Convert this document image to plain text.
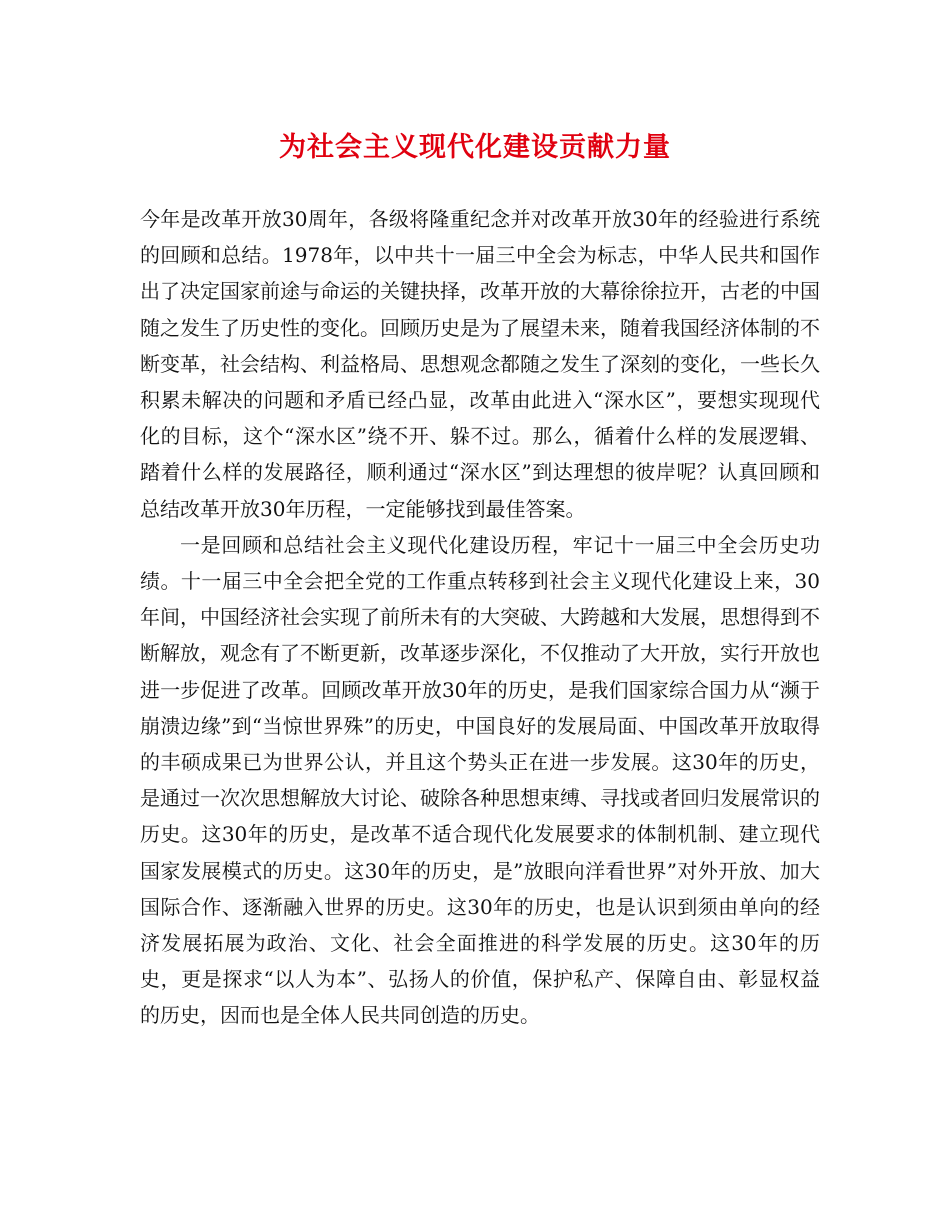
为社会主义现代化建设贡献力量

今年是改革开放30周年，各级将隆重纪念并对改革开放30年的经验进行系统的回顾和总结。1978年，以中共十一届三中全会为标志，中华人民共和国作出了决定国家前途与命运的关键抉择，改革开放的大幕徐徐拉开，古老的中国随之发生了历史性的变化。回顾历史是为了展望未来，随着我国经济体制的不断变革，社会结构、利益格局、思想观念都随之发生了深刻的变化，一些长久积累未解决的问题和矛盾已经凸显，改革由此进入“深水区”，要想实现现代化的目标，这个“深水区”绕不开、躲不过。那么，循着什么样的发展逻辑、踏着什么样的发展路径，顺利通过“深水区”到达理想的彼岸呢？认真回顾和总结改革开放30年历程，一定能够找到最佳答案。

一是回顾和总结社会主义现代化建设历程，牢记十一届三中全会历史功绩。十一届三中全会把全党的工作重点转移到社会主义现代化建设上来，30年间，中国经济社会实现了前所未有的大突破、大跨越和大发展，思想得到不断解放，观念有了不断更新，改革逐步深化，不仅推动了大开放，实行开放也进一步促进了改革。回顾改革开放30年的历史，是我们国家综合国力从“濒于崩溃边缘”到“当惊世界殊”的历史，中国良好的发展局面、中国改革开放取得的丰硕成果已为世界公认，并且这个势头正在进一步发展。这30年的历史，是通过一次次思想解放大讨论、破除各种思想束缚、寻找或者回归发展常识的历史。这30年的历史，是改革不适合现代化发展要求的体制机制、建立现代国家发展模式的历史。这30年的历史，是”放眼向洋看世界”对外开放、加大国际合作、逐渐融入世界的历史。这30年的历史，也是认识到须由单向的经济发展拓展为政治、文化、社会全面推进的科学发展的历史。这30年的历史，更是探求“以人为本”、弘扬人的价值，保护私产、保障自由、彰显权益的历史，因而也是全体人民共同创造的历史。
